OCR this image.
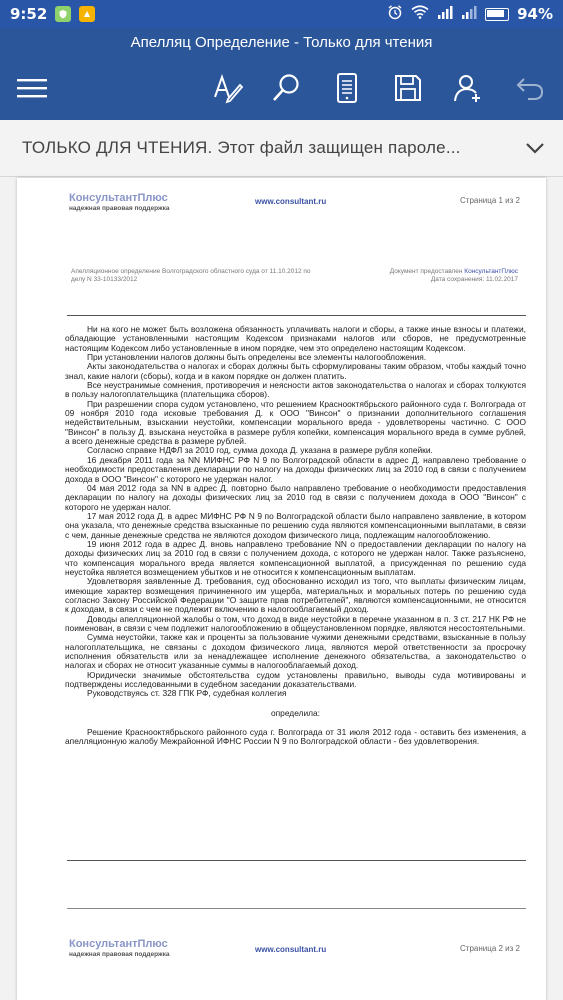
9:52	94%
Апелляц Определение - Только для чтения
ТОЛЬКО ДЛЯ ЧТЕНИЯ. Этот файл защищен пароле...
КонсультантПлюс
надежная правовая поддержка
www.consultant.ru	Страница 1 из 2
Апелляционное определение Волгоградского областного суда от 11.10.2012 по делу N 33-10133/2012
Документ предоставлен КонсультантПлюс
Дата сохранения: 11.02.2017

Ни на кого не может быть возложена обязанность уплачивать налоги и сборы, а также иные взносы и платежи, обладающие установленными настоящим Кодексом признаками налогов или сборов, не предусмотренные настоящим Кодексом либо установленные в ином порядке, чем это определено настоящим Кодексом.

При установлении налогов должны быть определены все элементы налогообложения.

Акты законодательства о налогах и сборах должны быть сформулированы таким образом, чтобы каждый точно знал, какие налоги (сборы), когда и в каком порядке он должен платить.

Все неустранимые сомнения, противоречия и неясности актов законодательства о налогах и сборах толкуются в пользу налогоплательщика (плательщика сборов).

При разрешении спора судом установлено, что решением Краснооктябрьского районного суда г. Волгограда от 09 ноября 2010 года исковые требования Д. к ООО "Винсон" о признании дополнительного соглашения недействительным, взыскании неустойки, компенсации морального вреда - удовлетворены частично. С ООО "Винсон" в пользу Д. взыскана неустойка в размере рубля копейки, компенсация морального вреда в сумме рублей, а всего денежные средства в размере рублей.

Согласно справке НДФЛ за 2010 год, сумма дохода Д. указана в размере рубля копейки.

16 декабря 2011 года за NN МИФНС РФ N 9 по Волгоградской области в адрес Д. направлено требование о необходимости предоставления декларации по налогу на доходы физических лиц за 2010 год в связи с получением дохода в ООО "Винсон" с которого не удержан налог.

04 мая 2012 года за NN в адрес Д. повторно было направлено требование о необходимости предоставления декларации по налогу на доходы физических лиц за 2010 год в связи с получением дохода в ООО "Винсон" с которого не удержан налог.

17 мая 2012 года Д. в адрес МИФНС РФ N 9 по Волгоградской области было направлено заявление, в котором она указала, что денежные средства взысканные по решению суда являются компенсационными выплатами, в связи с чем, данные денежные средства не являются доходом физического лица, подлежащим налогообложению.

19 июня 2012 года в адрес Д. вновь направлено требование NN о предоставлении декларации по налогу на доходы физических лиц за 2010 год в связи с получением дохода, с которого не удержан налог. Также разъяснено, что компенсация морального вреда является компенсационной выплатой, а присужденная по решению суда неустойка является возмещением убытков и не относится к компенсационным выплатам.

Удовлетворяя заявленные Д. требования, суд обоснованно исходил из того, что выплаты физическим лицам, имеющие характер возмещения причиненного им ущерба, материальных и моральных потерь по решению суда согласно Закону Российской Федерации "О защите прав потребителей", являются компенсационными, не относится к доходам, в связи с чем не подлежит включению в налогооблагаемый доход.

Доводы апелляционной жалобы о том, что доход в виде неустойки в перечне указанном в п. 3 ст. 217 НК РФ не поименован, в связи с чем подлежит налогообложению в общеустановленном порядке, являются несостоятельными.

Сумма неустойки, также как и проценты за пользование чужими денежными средствами, взысканные в пользу налогоплательщика, не связаны с доходом физического лица, являются мерой ответственности за просрочку исполнения обязательств или за ненадлежащее исполнение денежного обязательства, а законодательство о налогах и сборах не относит указанные суммы в налогооблагаемый доход.

Юридически значимые обстоятельства судом установлены правильно, выводы суда мотивированы и подтверждены исследованными в судебном заседании доказательствами.

Руководствуясь ст. 328 ГПК РФ, судебная коллегия

определила:

Решение Краснооктябрьского районного суда г. Волгограда от 31 июля 2012 года - оставить без изменения, а апелляционную жалобу Межрайонной ИФНС России N 9 по Волгоградской области - без удовлетворения.

КонсультантПлюс
надежная правовая поддержка
www.consultant.ru	Страница 2 из 2
